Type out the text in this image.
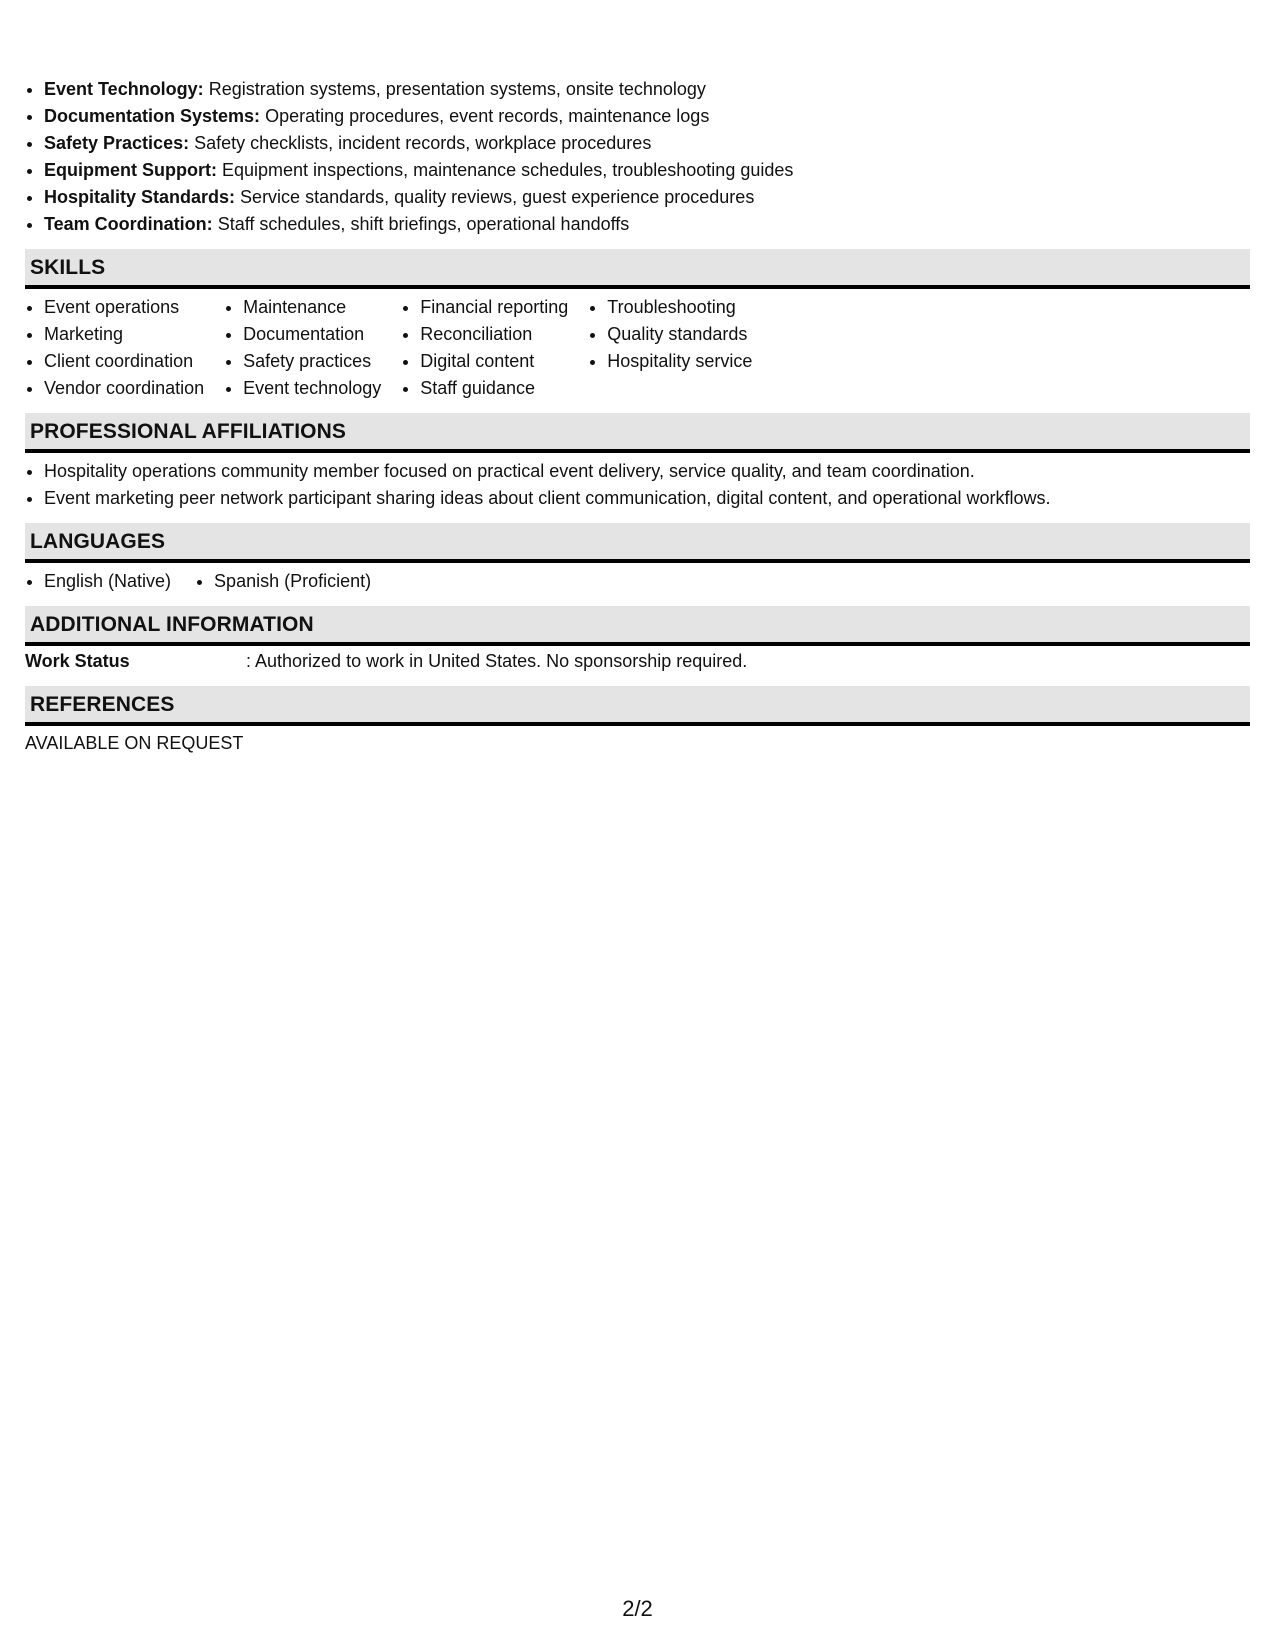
• Event Technology: Registration systems, presentation systems, onsite technology
• Documentation Systems: Operating procedures, event records, maintenance logs
• Safety Practices: Safety checklists, incident records, workplace procedures
• Equipment Support: Equipment inspections, maintenance schedules, troubleshooting guides
• Hospitality Standards: Service standards, quality reviews, guest experience procedures
• Team Coordination: Staff schedules, shift briefings, operational handoffs
SKILLS
• Event operations
• Marketing
• Client coordination
• Vendor coordination
• Maintenance
• Documentation
• Safety practices
• Event technology
• Financial reporting
• Reconciliation
• Digital content
• Staff guidance
• Troubleshooting
• Quality standards
• Hospitality service
PROFESSIONAL AFFILIATIONS
• Hospitality operations community member focused on practical event delivery, service quality, and team coordination.
• Event marketing peer network participant sharing ideas about client communication, digital content, and operational workflows.
LANGUAGES
• English (Native)
• Spanish (Proficient)
ADDITIONAL INFORMATION
Work Status	: Authorized to work in United States. No sponsorship required.
REFERENCES
AVAILABLE ON REQUEST
2/2
